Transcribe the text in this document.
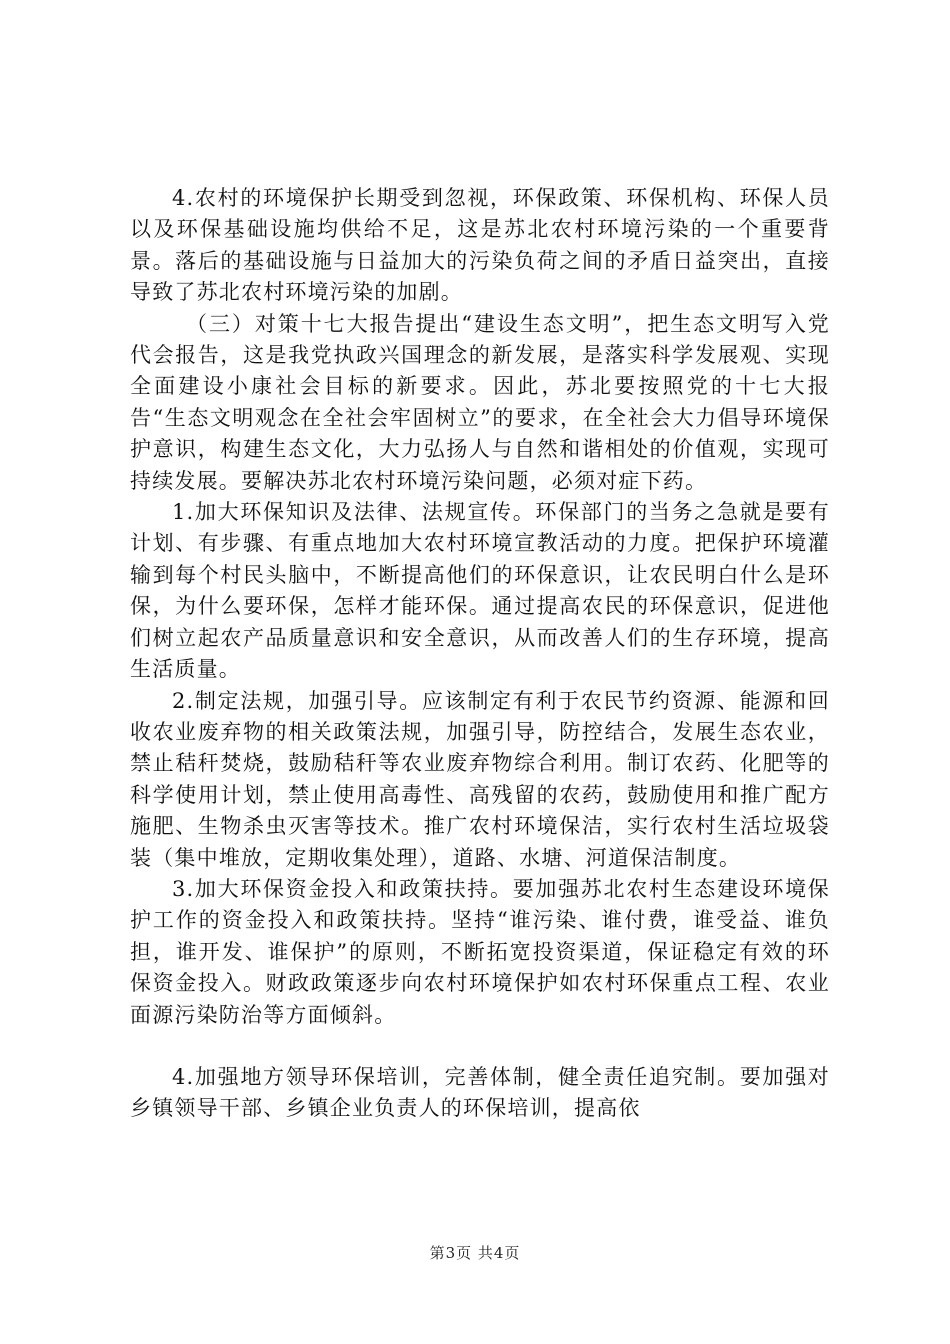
4.农村的环境保护长期受到忽视，环保政策、环保机构、环保人员以及环保基础设施均供给不足，这是苏北农村环境污染的一个重要背景。落后的基础设施与日益加大的污染负荷之间的矛盾日益突出，直接导致了苏北农村环境污染的加剧。

（三）对策十七大报告提出“建设生态文明”，把生态文明写入党代会报告，这是我党执政兴国理念的新发展，是落实科学发展观、实现全面建设小康社会目标的新要求。因此，苏北要按照党的十七大报告“生态文明观念在全社会牢固树立”的要求，在全社会大力倡导环境保护意识，构建生态文化，大力弘扬人与自然和谐相处的价值观，实现可持续发展。要解决苏北农村环境污染问题，必须对症下药。

1.加大环保知识及法律、法规宣传。环保部门的当务之急就是要有计划、有步骤、有重点地加大农村环境宣教活动的力度。把保护环境灌输到每个村民头脑中，不断提高他们的环保意识，让农民明白什么是环保，为什么要环保，怎样才能环保。通过提高农民的环保意识，促进他们树立起农产品质量意识和安全意识，从而改善人们的生存环境，提高生活质量。

2.制定法规，加强引导。应该制定有利于农民节约资源、能源和回收农业废弃物的相关政策法规，加强引导，防控结合，发展生态农业，禁止秸秆焚烧，鼓励秸秆等农业废弃物综合利用。制订农药、化肥等的科学使用计划，禁止使用高毒性、高残留的农药，鼓励使用和推广配方施肥、生物杀虫灭害等技术。推广农村环境保洁，实行农村生活垃圾袋装（集中堆放，定期收集处理），道路、水塘、河道保洁制度。

3.加大环保资金投入和政策扶持。要加强苏北农村生态建设环境保护工作的资金投入和政策扶持。坚持“谁污染、谁付费，谁受益、谁负担，谁开发、谁保护”的原则，不断拓宽投资渠道，保证稳定有效的环保资金投入。财政政策逐步向农村环境保护如农村环保重点工程、农业面源污染防治等方面倾斜。

4.加强地方领导环保培训，完善体制，健全责任追究制。要加强对乡镇领导干部、乡镇企业负责人的环保培训，提高依

第3页 共4页
